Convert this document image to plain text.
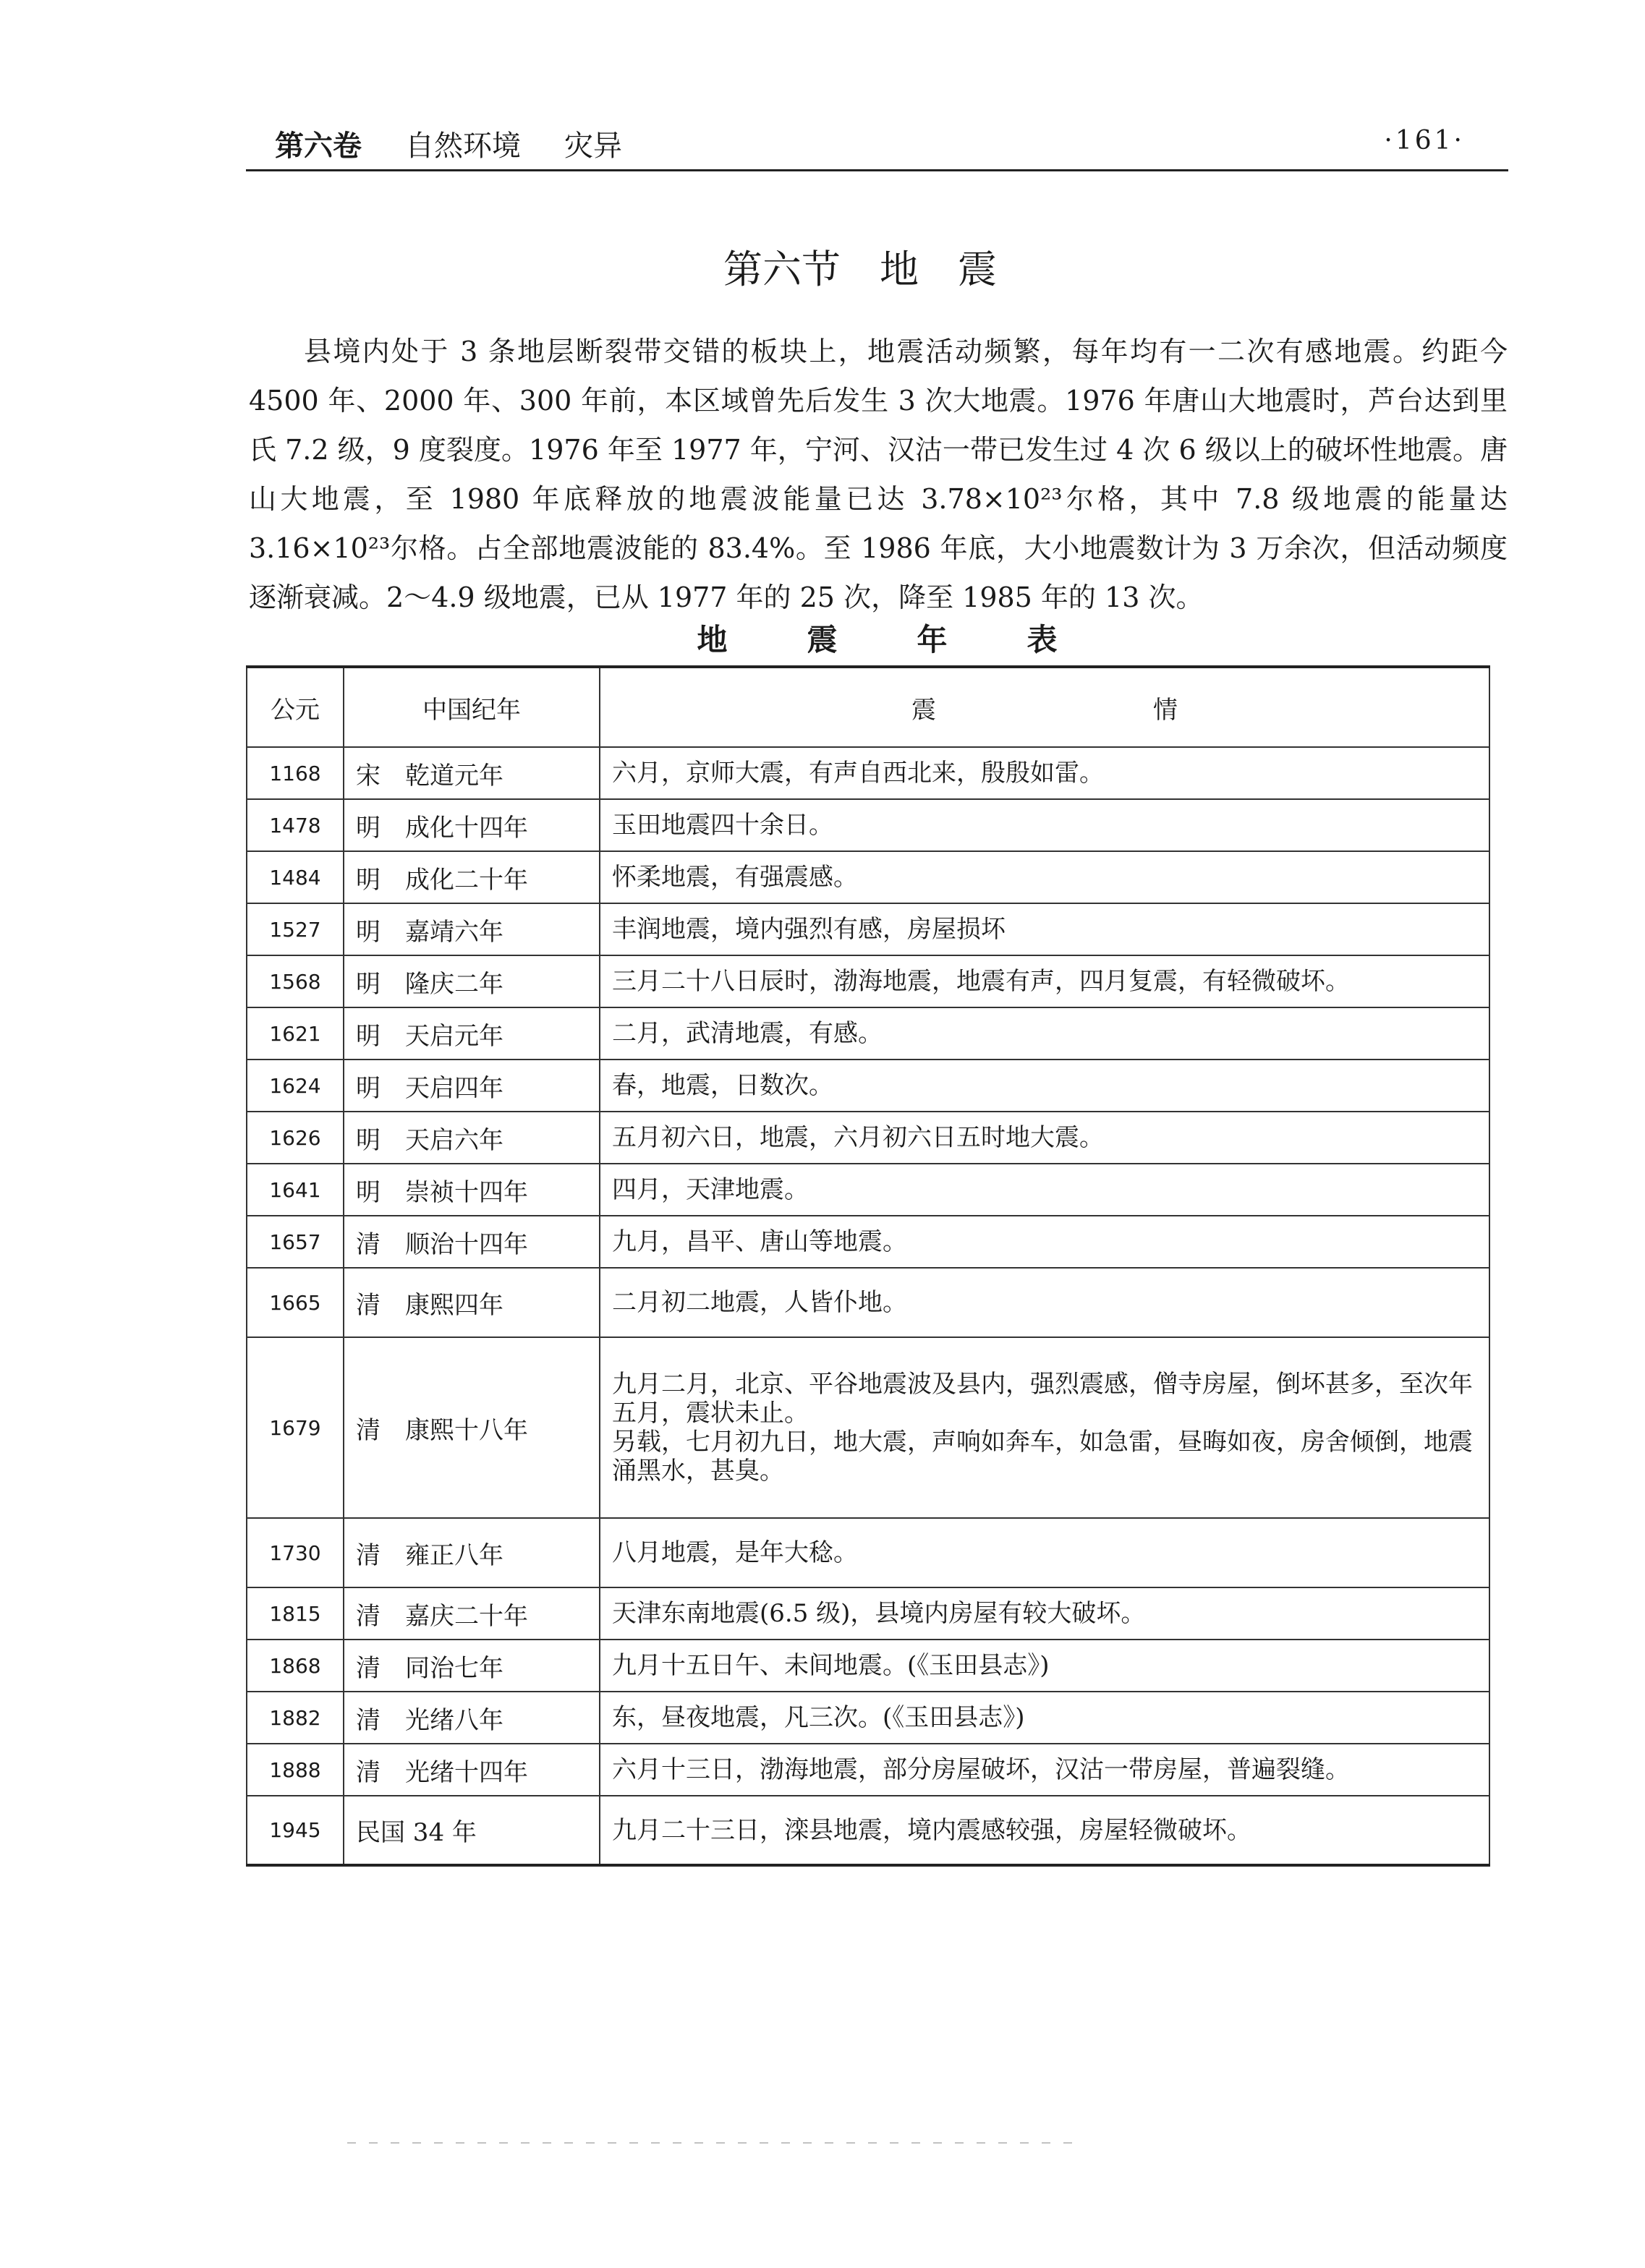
第六卷 自然环境 灾异	·161·
第六节　地　震

县境内处于 3 条地层断裂带交错的板块上，地震活动频繁，每年均有一二次有感地震。约距今 4500 年、2000 年、300 年前，本区域曾先后发生 3 次大地震。1976 年唐山大地震时，芦台达到里氏 7.2 级，9 度裂度。1976 年至 1977 年，宁河、汉沽一带已发生过 4 次 6 级以上的破坏性地震。唐山大地震，至 1980 年底释放的地震波能量已达 3.78×10²³尔格，其中 7.8 级地震的能量达 3.16×10²³尔格。占全部地震波能的 83.4%。至 1986 年底，大小地震数计为 3 万余次，但活动频度逐渐衰减。2～4.9 级地震，已从 1977 年的 25 次，降至 1985 年的 13 次。

地震年表
公元	中国纪年	震情
1168	宋　乾道元年	六月，京师大震，有声自西北来，殷殷如雷。
1478	明　成化十四年	玉田地震四十余日。
1484	明　成化二十年	怀柔地震，有强震感。
1527	明　嘉靖六年	丰润地震，境内强烈有感，房屋损坏
1568	明　隆庆二年	三月二十八日辰时，渤海地震，地震有声，四月复震，有轻微破坏。
1621	明　天启元年	二月，武清地震，有感。
1624	明　天启四年	春，地震，日数次。
1626	明　天启六年	五月初六日，地震，六月初六日五时地大震。
1641	明　崇祯十四年	四月，天津地震。
1657	清　顺治十四年	九月，昌平、唐山等地震。
1665	清　康熙四年	二月初二地震，人皆仆地。
1679	清　康熙十八年	九月二月，北京、平谷地震波及县内，强烈震感，僧寺房屋，倒坏甚多，至次年五月，震状未止。
另载，七月初九日，地大震，声响如奔车，如急雷，昼晦如夜，房舍倾倒，地震涌黑水，甚臭。

1730	清　雍正八年	八月地震，是年大稔。
1815	清　嘉庆二十年	天津东南地震(6.5 级)，县境内房屋有较大破坏。
1868	清　同治七年	九月十五日午、未间地震。(《玉田县志》)
1882	清　光绪八年	东，昼夜地震，凡三次。(《玉田县志》)
1888	清　光绪十四年	六月十三日，渤海地震，部分房屋破坏，汉沽一带房屋，普遍裂缝。
1945	民国 34 年	九月二十三日，滦县地震，境内震感较强，房屋轻微破坏。
